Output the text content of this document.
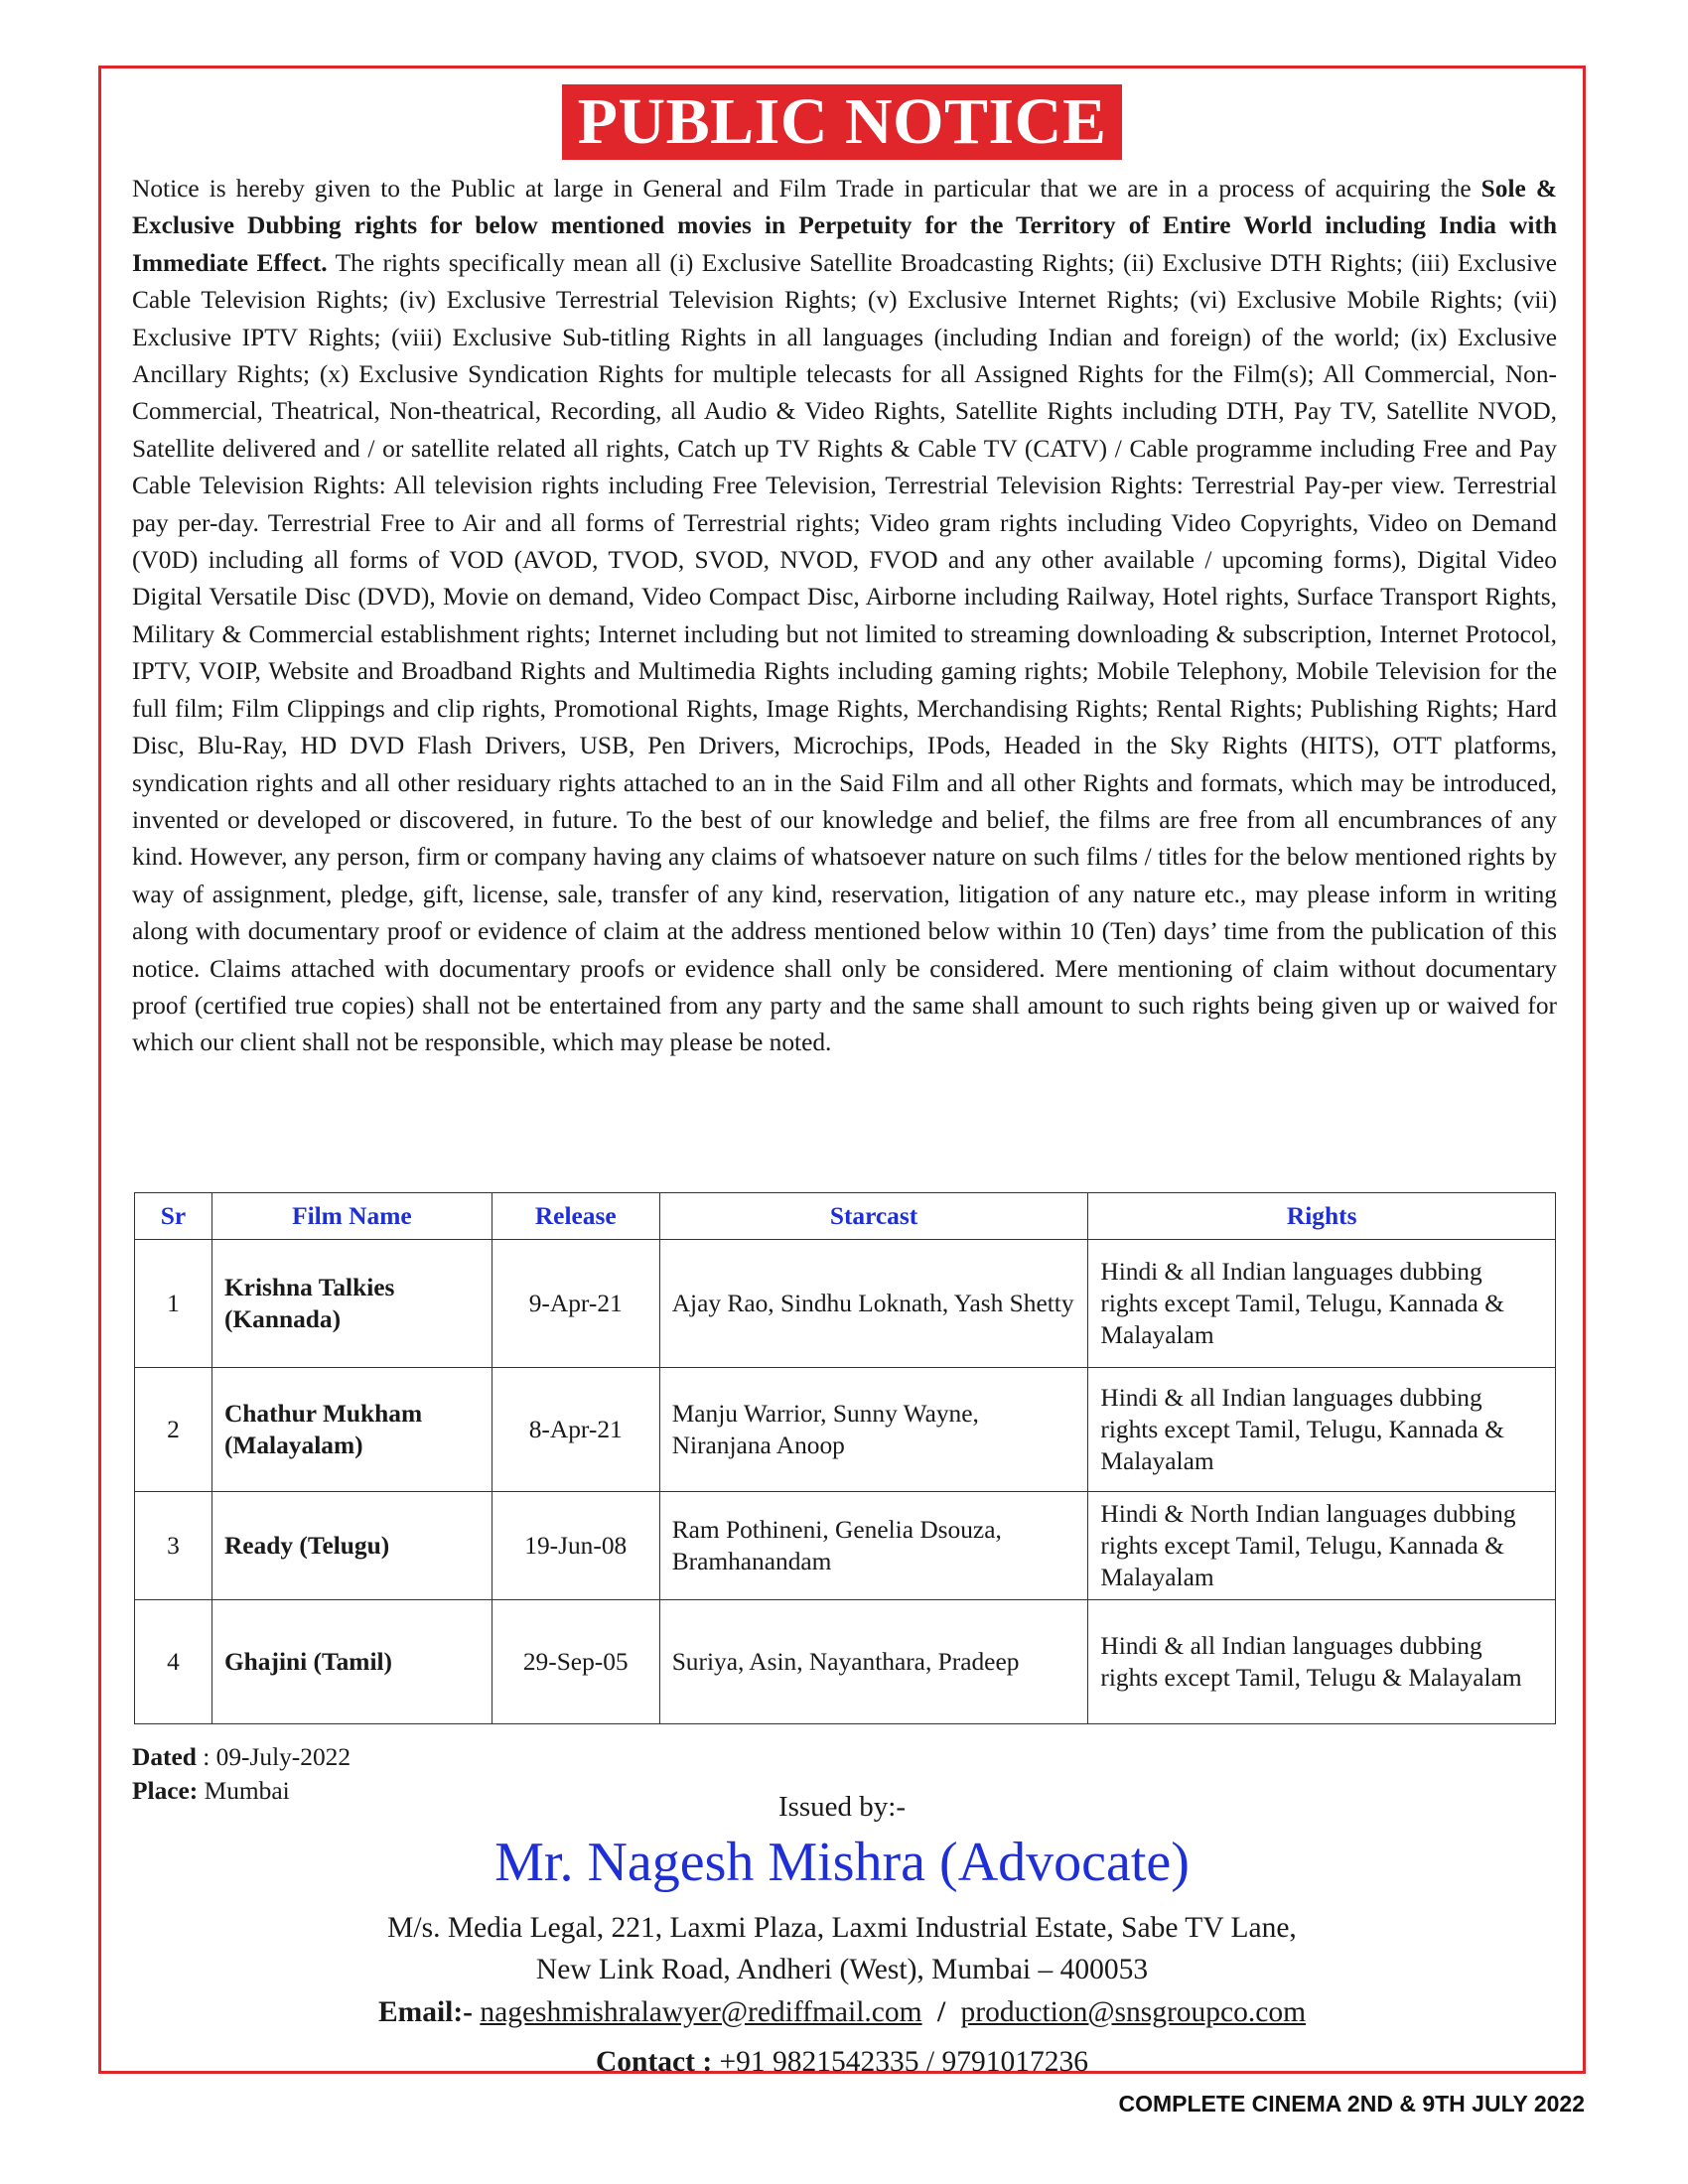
PUBLIC NOTICE
Notice is hereby given to the Public at large in General and Film Trade in particular that we are in a process of acquiring the Sole & Exclusive Dubbing rights for below mentioned movies in Perpetuity for the Territory of Entire World including India with Immediate Effect. The rights specifically mean all (i) Exclusive Satellite Broadcasting Rights; (ii) Exclusive DTH Rights; (iii) Exclusive Cable Television Rights; (iv) Exclusive Terrestrial Television Rights; (v) Exclusive Internet Rights; (vi) Exclusive Mobile Rights; (vii) Exclusive IPTV Rights; (viii) Exclusive Sub-titling Rights in all languages (including Indian and foreign) of the world; (ix) Exclusive Ancillary Rights; (x) Exclusive Syndication Rights for multiple telecasts for all Assigned Rights for the Film(s); All Commercial, Non-Commercial, Theatrical, Non-theatrical, Recording, all Audio & Video Rights, Satellite Rights including DTH, Pay TV, Satellite NVOD, Satellite delivered and / or satellite related all rights, Catch up TV Rights & Cable TV (CATV) / Cable programme including Free and Pay Cable Television Rights: All television rights including Free Television, Terrestrial Television Rights: Terrestrial Pay-per view. Terrestrial pay per-day. Terrestrial Free to Air and all forms of Terrestrial rights; Video gram rights including Video Copyrights, Video on Demand (V0D) including all forms of VOD (AVOD, TVOD, SVOD, NVOD, FVOD and any other available / upcoming forms), Digital Video Digital Versatile Disc (DVD), Movie on demand, Video Compact Disc, Airborne including Railway, Hotel rights, Surface Transport Rights, Military & Commercial establishment rights; Internet including but not limited to streaming downloading & subscription, Internet Protocol, IPTV, VOIP, Website and Broadband Rights and Multimedia Rights including gaming rights; Mobile Telephony, Mobile Television for the full film; Film Clippings and clip rights, Promotional Rights, Image Rights, Merchandising Rights; Rental Rights; Publishing Rights; Hard Disc, Blu-Ray, HD DVD Flash Drivers, USB, Pen Drivers, Microchips, IPods, Headed in the Sky Rights (HITS), OTT platforms, syndication rights and all other residuary rights attached to an in the Said Film and all other Rights and formats, which may be introduced, invented or developed or discovered, in future. To the best of our knowledge and belief, the films are free from all encumbrances of any kind. However, any person, firm or company having any claims of whatsoever nature on such films / titles for the below mentioned rights by way of assignment, pledge, gift, license, sale, transfer of any kind, reservation, litigation of any nature etc., may please inform in writing along with documentary proof or evidence of claim at the address mentioned below within 10 (Ten) days’ time from the publication of this notice. Claims attached with documentary proofs or evidence shall only be considered. Mere mentioning of claim without documentary proof (certified true copies) shall not be entertained from any party and the same shall amount to such rights being given up or waived for which our client shall not be responsible, which may please be noted.
Sr	Film Name	Release	Starcast	Rights
1	Krishna Talkies (Kannada)	9-Apr-21	Ajay Rao, Sindhu Loknath, Yash Shetty	Hindi & all Indian languages dubbing rights except Tamil, Telugu, Kannada & Malayalam
2	Chathur Mukham (Malayalam)	8-Apr-21	Manju Warrior, Sunny Wayne, Niranjana Anoop	Hindi & all Indian languages dubbing rights except Tamil, Telugu, Kannada & Malayalam
3	Ready (Telugu)	19-Jun-08	Ram Pothineni, Genelia Dsouza, Bramhanandam	Hindi & North Indian languages dubbing rights except Tamil, Telugu, Kannada & Malayalam
4	Ghajini (Tamil)	29-Sep-05	Suriya, Asin, Nayanthara, Pradeep	Hindi & all Indian languages dubbing rights except Tamil, Telugu & Malayalam
Dated : 09-July-2022
Place: Mumbai	Issued by:-
Mr. Nagesh Mishra (Advocate)
M/s. Media Legal, 221, Laxmi Plaza, Laxmi Industrial Estate, Sabe TV Lane,
New Link Road, Andheri (West), Mumbai – 400053
Email:- nageshmishralawyer@rediffmail.com / production@snsgroupco.com
Contact : +91 9821542335 / 9791017236
COMPLETE CINEMA 2ND & 9TH JULY 2022
